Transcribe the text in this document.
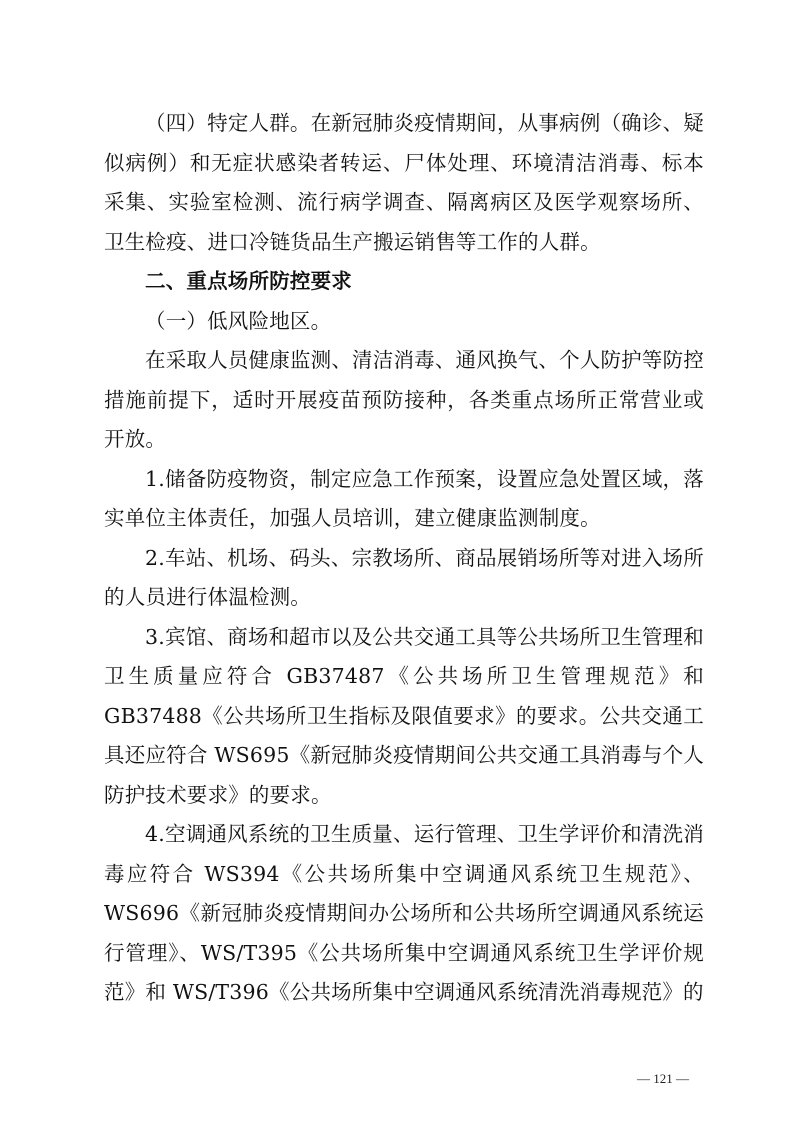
（四）特定人群。在新冠肺炎疫情期间，从事病例（确诊、疑似病例）和无症状感染者转运、尸体处理、环境清洁消毒、标本采集、实验室检测、流行病学调查、隔离病区及医学观察场所、卫生检疫、进口冷链货品生产搬运销售等工作的人群。

二、重点场所防控要求

（一）低风险地区。

在采取人员健康监测、清洁消毒、通风换气、个人防护等防控措施前提下，适时开展疫苗预防接种，各类重点场所正常营业或开放。

1.储备防疫物资，制定应急工作预案，设置应急处置区域，落实单位主体责任，加强人员培训，建立健康监测制度。

2.车站、机场、码头、宗教场所、商品展销场所等对进入场所的人员进行体温检测。

3.宾馆、商场和超市以及公共交通工具等公共场所卫生管理和卫生质量应符合 GB37487《公共场所卫生管理规范》和GB37488《公共场所卫生指标及限值要求》的要求。公共交通工具还应符合 WS695《新冠肺炎疫情期间公共交通工具消毒与个人防护技术要求》的要求。

4.空调通风系统的卫生质量、运行管理、卫生学评价和清洗消毒应符合 WS394《公共场所集中空调通风系统卫生规范》、WS696《新冠肺炎疫情期间办公场所和公共场所空调通风系统运行管理》、WS/T395《公共场所集中空调通风系统卫生学评价规范》和 WS/T396《公共场所集中空调通风系统清洗消毒规范》的

— 121 —
